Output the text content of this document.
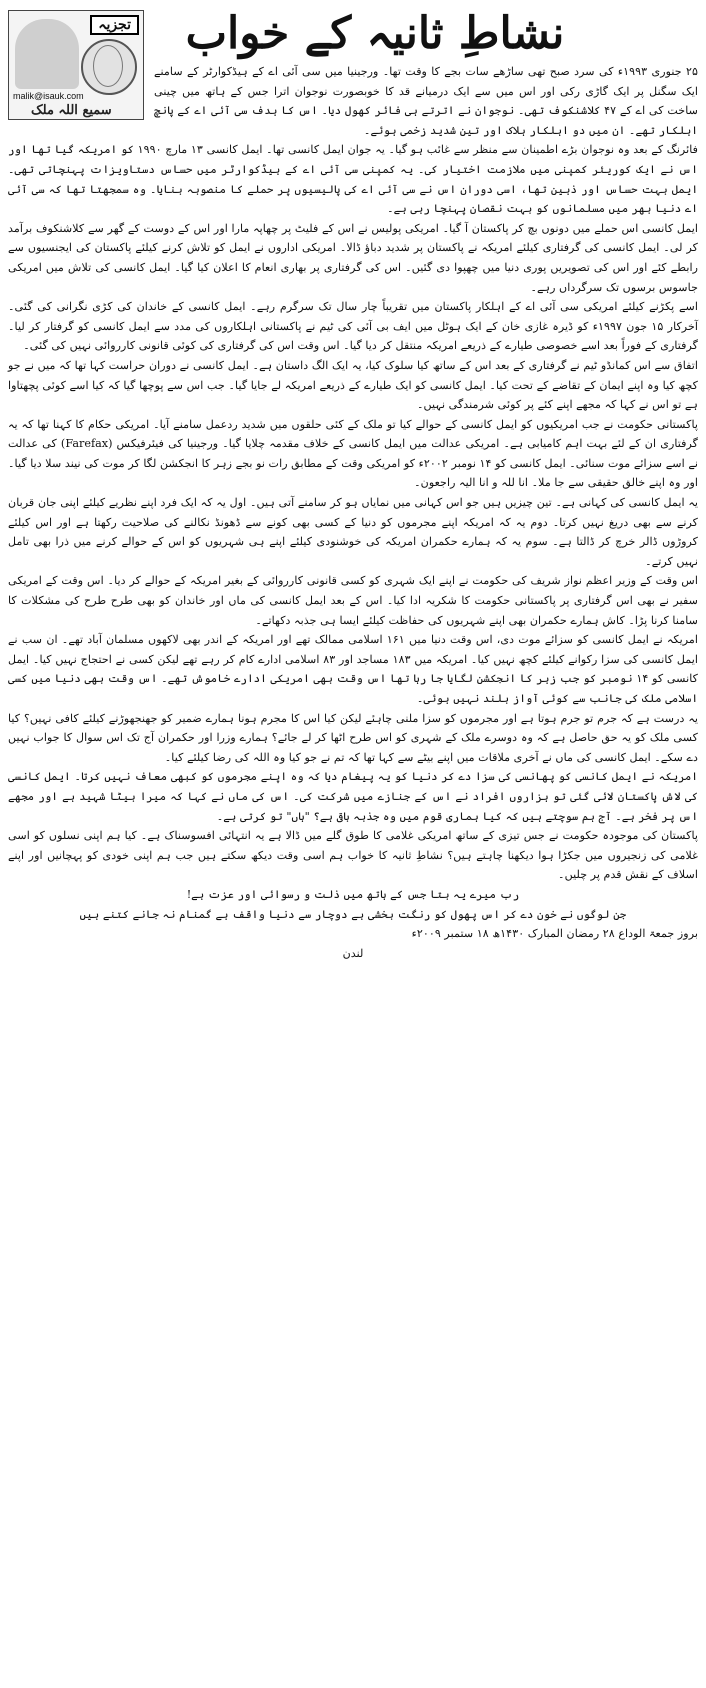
تجزیہ
malik@isauk.com
سمیع اللہ ملک
نشاطِ ثانیہ کے خواب

۲۵ جنوری ۱۹۹۳ء کی سرد صبح تھی ساڑھے سات بجے کا وقت تھا۔ ورجینیا میں سی آئی اے کے ہیڈکوارٹر کے سامنے ایک سگنل پر ایک گاڑی رکی اور اس میں سے ایک درمیانے قد کا خوبصورت نوجوان اترا جس کے ہاتھ میں چینی ساخت کی اے کے ۴۷ کلاشنکوف تھی۔ نوجوان نے اترتے ہی فائر کھول دیا۔ اس کا ہدف سی آئی اے کے پانچ اہلکار تھے۔ ان میں دو اہلکار ہلاک اور تین شدید زخمی ہوئے۔

فائرنگ کے بعد وہ نوجوان بڑے اطمینان سے منظر سے غائب ہو گیا۔ یہ جوان ایمل کانسی تھا۔ ایمل کانسی ۱۳ مارچ ۱۹۹۰ کو امریکہ گیا تھا اور اس نے ایک کوریئر کمپنی میں ملازمت اختیار کی۔ یہ کمپنی سی آئی اے کے ہیڈکوارٹر میں حساس دستاویزات پہنچاتی تھی۔ ایمل بہت حساس اور ذہین تھا، اسی دوران اس نے سی آئی اے کی پالیسیوں پر حملے کا منصوبہ بنایا۔ وہ سمجھتا تھا کہ سی آئی اے دنیا بھر میں مسلمانوں کو بہت نقصان پہنچا رہی ہے۔

ایمل کانسی اس حملے میں دونوں بچ کر پاکستان آ گیا۔ امریکی پولیس نے اس کے فلیٹ پر چھاپہ مارا اور اس کے دوست کے گھر سے کلاشنکوف برآمد کر لی۔ ایمل کانسی کی گرفتاری کیلئے امریکہ نے پاکستان پر شدید دباؤ ڈالا۔ امریکی اداروں نے ایمل کو تلاش کرنے کیلئے پاکستان کی ایجنسیوں سے رابطے کئے اور اس کی تصویریں پوری دنیا میں چھپوا دی گئیں۔ اس کی گرفتاری پر بھاری انعام کا اعلان کیا گیا۔ ایمل کانسی کی تلاش میں امریکی جاسوس برسوں تک سرگرداں رہے۔

اسے پکڑنے کیلئے امریکی سی آئی اے کے اہلکار پاکستان میں تقریباً چار سال تک سرگرم رہے۔ ایمل کانسی کے خاندان کی کڑی نگرانی کی گئی۔ آخرکار ۱۵ جون ۱۹۹۷ء کو ڈیرہ غازی خان کے ایک ہوٹل میں ایف بی آئی کی ٹیم نے پاکستانی اہلکاروں کی مدد سے ایمل کانسی کو گرفتار کر لیا۔ گرفتاری کے فوراً بعد اسے خصوصی طیارے کے ذریعے امریکہ منتقل کر دیا گیا۔ اس وقت اس کی گرفتاری کی کوئی قانونی کارروائی نہیں کی گئی۔

اتفاق سے اس کمانڈو ٹیم نے گرفتاری کے بعد اس کے ساتھ کیا سلوک کیا، یہ ایک الگ داستان ہے۔ ایمل کانسی نے دوران حراست کہا تھا کہ میں نے جو کچھ کیا وہ اپنے ایمان کے تقاضے کے تحت کیا۔ ایمل کانسی کو ایک طیارے کے ذریعے امریکہ لے جایا گیا۔ جب اس سے پوچھا گیا کہ کیا اسے کوئی پچھتاوا ہے تو اس نے کہا کہ مجھے اپنے کئے پر کوئی شرمندگی نہیں۔

پاکستانی حکومت نے جب امریکیوں کو ایمل کانسی کے حوالے کیا تو ملک کے کئی حلقوں میں شدید ردعمل سامنے آیا۔ امریکی حکام کا کہنا تھا کہ یہ گرفتاری ان کے لئے بہت اہم کامیابی ہے۔ امریکی عدالت میں ایمل کانسی کے خلاف مقدمہ چلایا گیا۔ ورجینیا کی فیئرفیکس (Farefax) کی عدالت نے اسے سزائے موت سنائی۔ ایمل کانسی کو ۱۴ نومبر ۲۰۰۲ء کو امریکی وقت کے مطابق رات نو بجے زہر کا انجکشن لگا کر موت کی نیند سلا دیا گیا۔ اور وہ اپنے خالق حقیقی سے جا ملا۔ انا للہ و انا الیہ راجعون۔

یہ ایمل کانسی کی کہانی ہے۔ تین چیزیں ہیں جو اس کہانی میں نمایاں ہو کر سامنے آتی ہیں۔ اول یہ کہ ایک فرد اپنے نظریے کیلئے اپنی جان قربان کرنے سے بھی دریغ نہیں کرتا۔ دوم یہ کہ امریکہ اپنے مجرموں کو دنیا کے کسی بھی کونے سے ڈھونڈ نکالنے کی صلاحیت رکھتا ہے اور اس کیلئے کروڑوں ڈالر خرچ کر ڈالتا ہے۔ سوم یہ کہ ہمارے حکمران امریکہ کی خوشنودی کیلئے اپنے ہی شہریوں کو اس کے حوالے کرنے میں ذرا بھی تامل نہیں کرتے۔

اس وقت کے وزیر اعظم نواز شریف کی حکومت نے اپنے ایک شہری کو کسی قانونی کارروائی کے بغیر امریکہ کے حوالے کر دیا۔ اس وقت کے امریکی سفیر نے بھی اس گرفتاری پر پاکستانی حکومت کا شکریہ ادا کیا۔ اس کے بعد ایمل کانسی کی ماں اور خاندان کو بھی طرح طرح کی مشکلات کا سامنا کرنا پڑا۔ کاش ہمارے حکمران بھی اپنے شہریوں کی حفاظت کیلئے ایسا ہی جذبہ دکھاتے۔

امریکہ نے ایمل کانسی کو سزائے موت دی، اس وقت دنیا میں ۱۶۱ اسلامی ممالک تھے اور امریکہ کے اندر بھی لاکھوں مسلمان آباد تھے۔ ان سب نے ایمل کانسی کی سزا رکوانے کیلئے کچھ نہیں کیا۔ امریکہ میں ۱۸۳ مساجد اور ۸۳ اسلامی ادارے کام کر رہے تھے لیکن کسی نے احتجاج نہیں کیا۔ ایمل کانسی کو ۱۴ نومبر کو جب زہر کا انجکشن لگایا جا رہا تھا اس وقت بھی امریکی ادارے خاموش تھے۔ اس وقت بھی دنیا میں کسی اسلامی ملک کی جانب سے کوئی آواز بلند نہیں ہوئی۔

یہ درست ہے کہ جرم تو جرم ہوتا ہے اور مجرموں کو سزا ملنی چاہئے لیکن کیا اس کا مجرم ہونا ہمارے ضمیر کو جھنجھوڑنے کیلئے کافی نہیں؟ کیا کسی ملک کو یہ حق حاصل ہے کہ وہ دوسرے ملک کے شہری کو اس طرح اٹھا کر لے جائے؟ ہمارے وزرا اور حکمران آج تک اس سوال کا جواب نہیں دے سکے۔ ایمل کانسی کی ماں نے آخری ملاقات میں اپنے بیٹے سے کہا تھا کہ تم نے جو کیا وہ اللہ کی رضا کیلئے کیا۔

امریکہ نے ایمل کانسی کو پھانسی کی سزا دے کر دنیا کو یہ پیغام دیا کہ وہ اپنے مجرموں کو کبھی معاف نہیں کرتا۔ ایمل کانسی کی لاش پاکستان لائی گئی تو ہزاروں افراد نے اس کے جنازے میں شرکت کی۔ اس کی ماں نے کہا کہ میرا بیٹا شہید ہے اور مجھے اس پر فخر ہے۔ آج ہم سوچتے ہیں کہ کیا ہماری قوم میں وہ جذبہ باقی ہے؟ "ہاں" تو کرتی ہے۔

پاکستان کی موجودہ حکومت نے جس تیزی کے ساتھ امریکی غلامی کا طوق گلے میں ڈالا ہے یہ انتہائی افسوسناک ہے۔ کیا ہم اپنی نسلوں کو اسی غلامی کی زنجیروں میں جکڑا ہوا دیکھنا چاہتے ہیں؟ نشاطِ ثانیہ کا خواب ہم اسی وقت دیکھ سکتے ہیں جب ہم اپنی خودی کو پہچانیں اور اپنے اسلاف کے نقش قدم پر چلیں۔

رب میرے یہ بتا جس کے ہاتھ میں ذلت و رسوائی اور عزت ہے!

جن لوگوں نے خون دے کر اس پھول کو رنگت بخشی ہے دوچار سے دنیا واقف ہے گمنام نہ جانے کتنے ہیں

بروز جمعۃ الوداع ۲۸ رمضان المبارک ۱۴۳۰ھ ۱۸ ستمبر ۲۰۰۹ء

لندن
